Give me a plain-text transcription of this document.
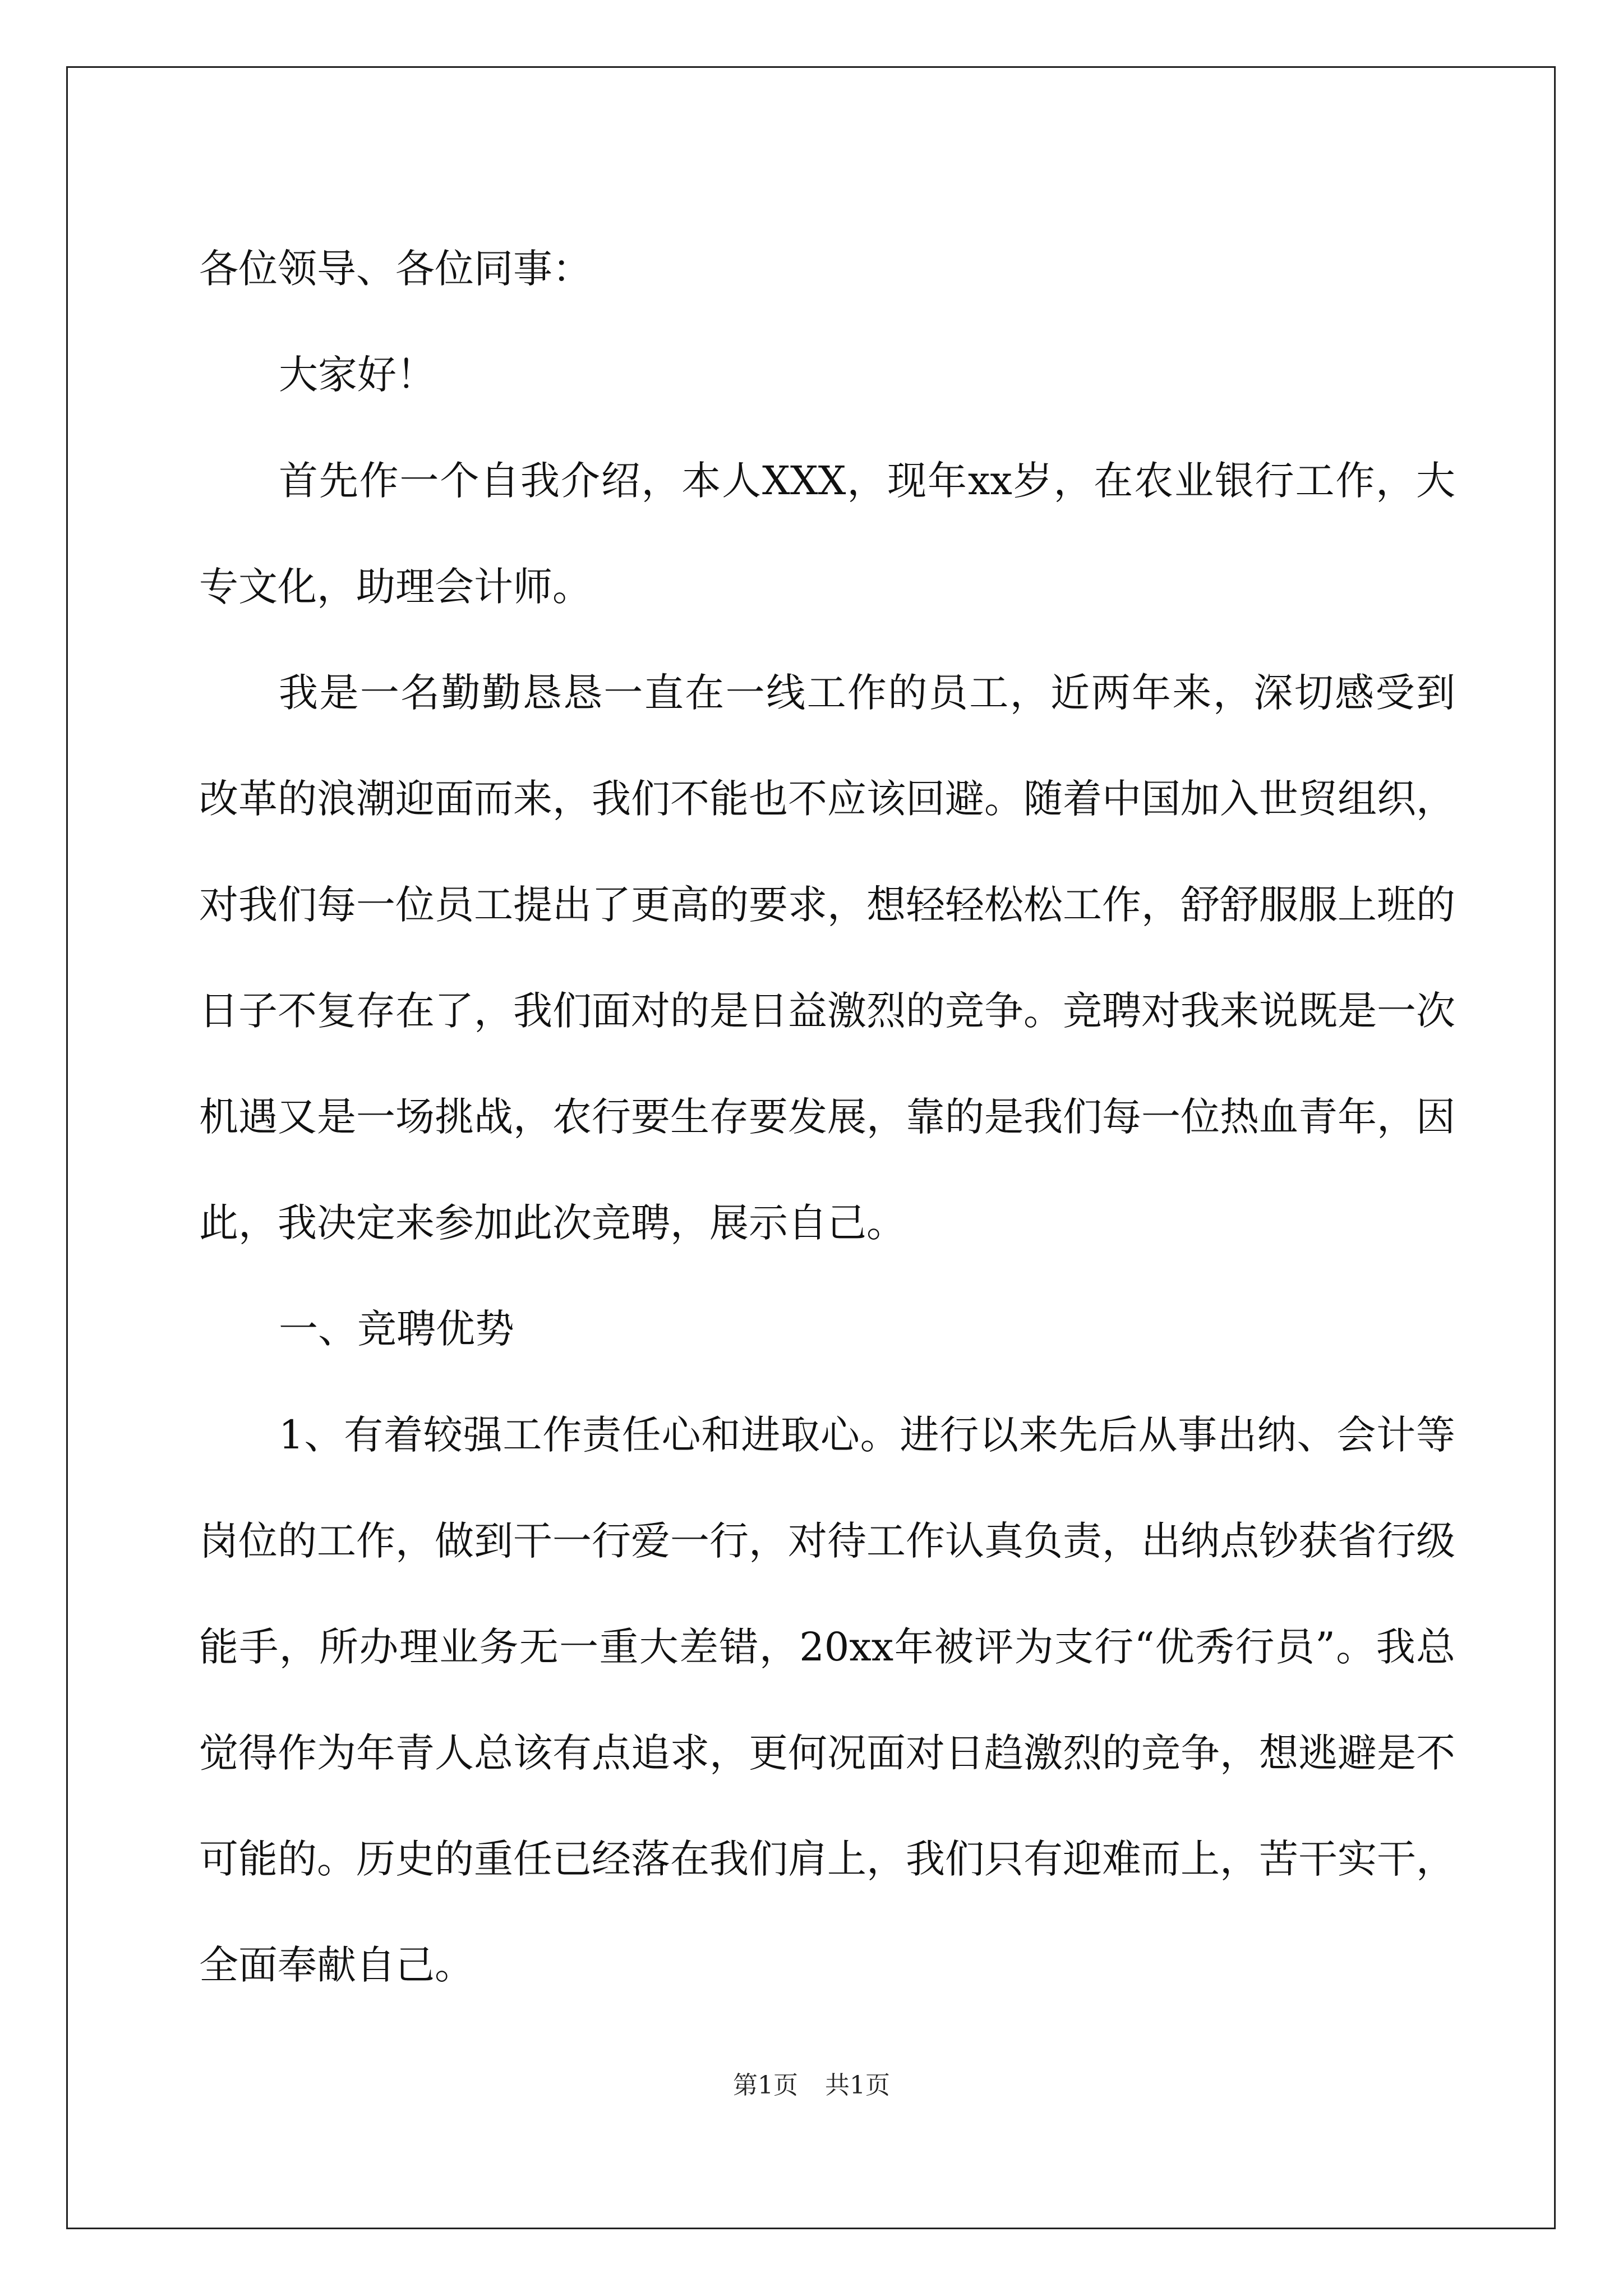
各位领导、各位同事：

大家好！

首先作一个自我介绍，本人XXX，现年xx岁，在农业银行工作，大专文化，助理会计师。

我是一名勤勤恳恳一直在一线工作的员工，近两年来，深切感受到改革的浪潮迎面而来，我们不能也不应该回避。随着中国加入世贸组织，对我们每一位员工提出了更高的要求，想轻轻松松工作，舒舒服服上班的日子不复存在了，我们面对的是日益激烈的竞争。竞聘对我来说既是一次机遇又是一场挑战，农行要生存要发展，靠的是我们每一位热血青年，因此，我决定来参加此次竞聘，展示自己。

一、竞聘优势

1、有着较强工作责任心和进取心。进行以来先后从事出纳、会计等岗位的工作，做到干一行爱一行，对待工作认真负责，出纳点钞获省行级能手，所办理业务无一重大差错，20xx年被评为支行“优秀行员”。我总觉得作为年青人总该有点追求，更何况面对日趋激烈的竞争，想逃避是不可能的。历史的重任已经落在我们肩上，我们只有迎难而上，苦干实干，全面奉献自己。

第1页 共1页
